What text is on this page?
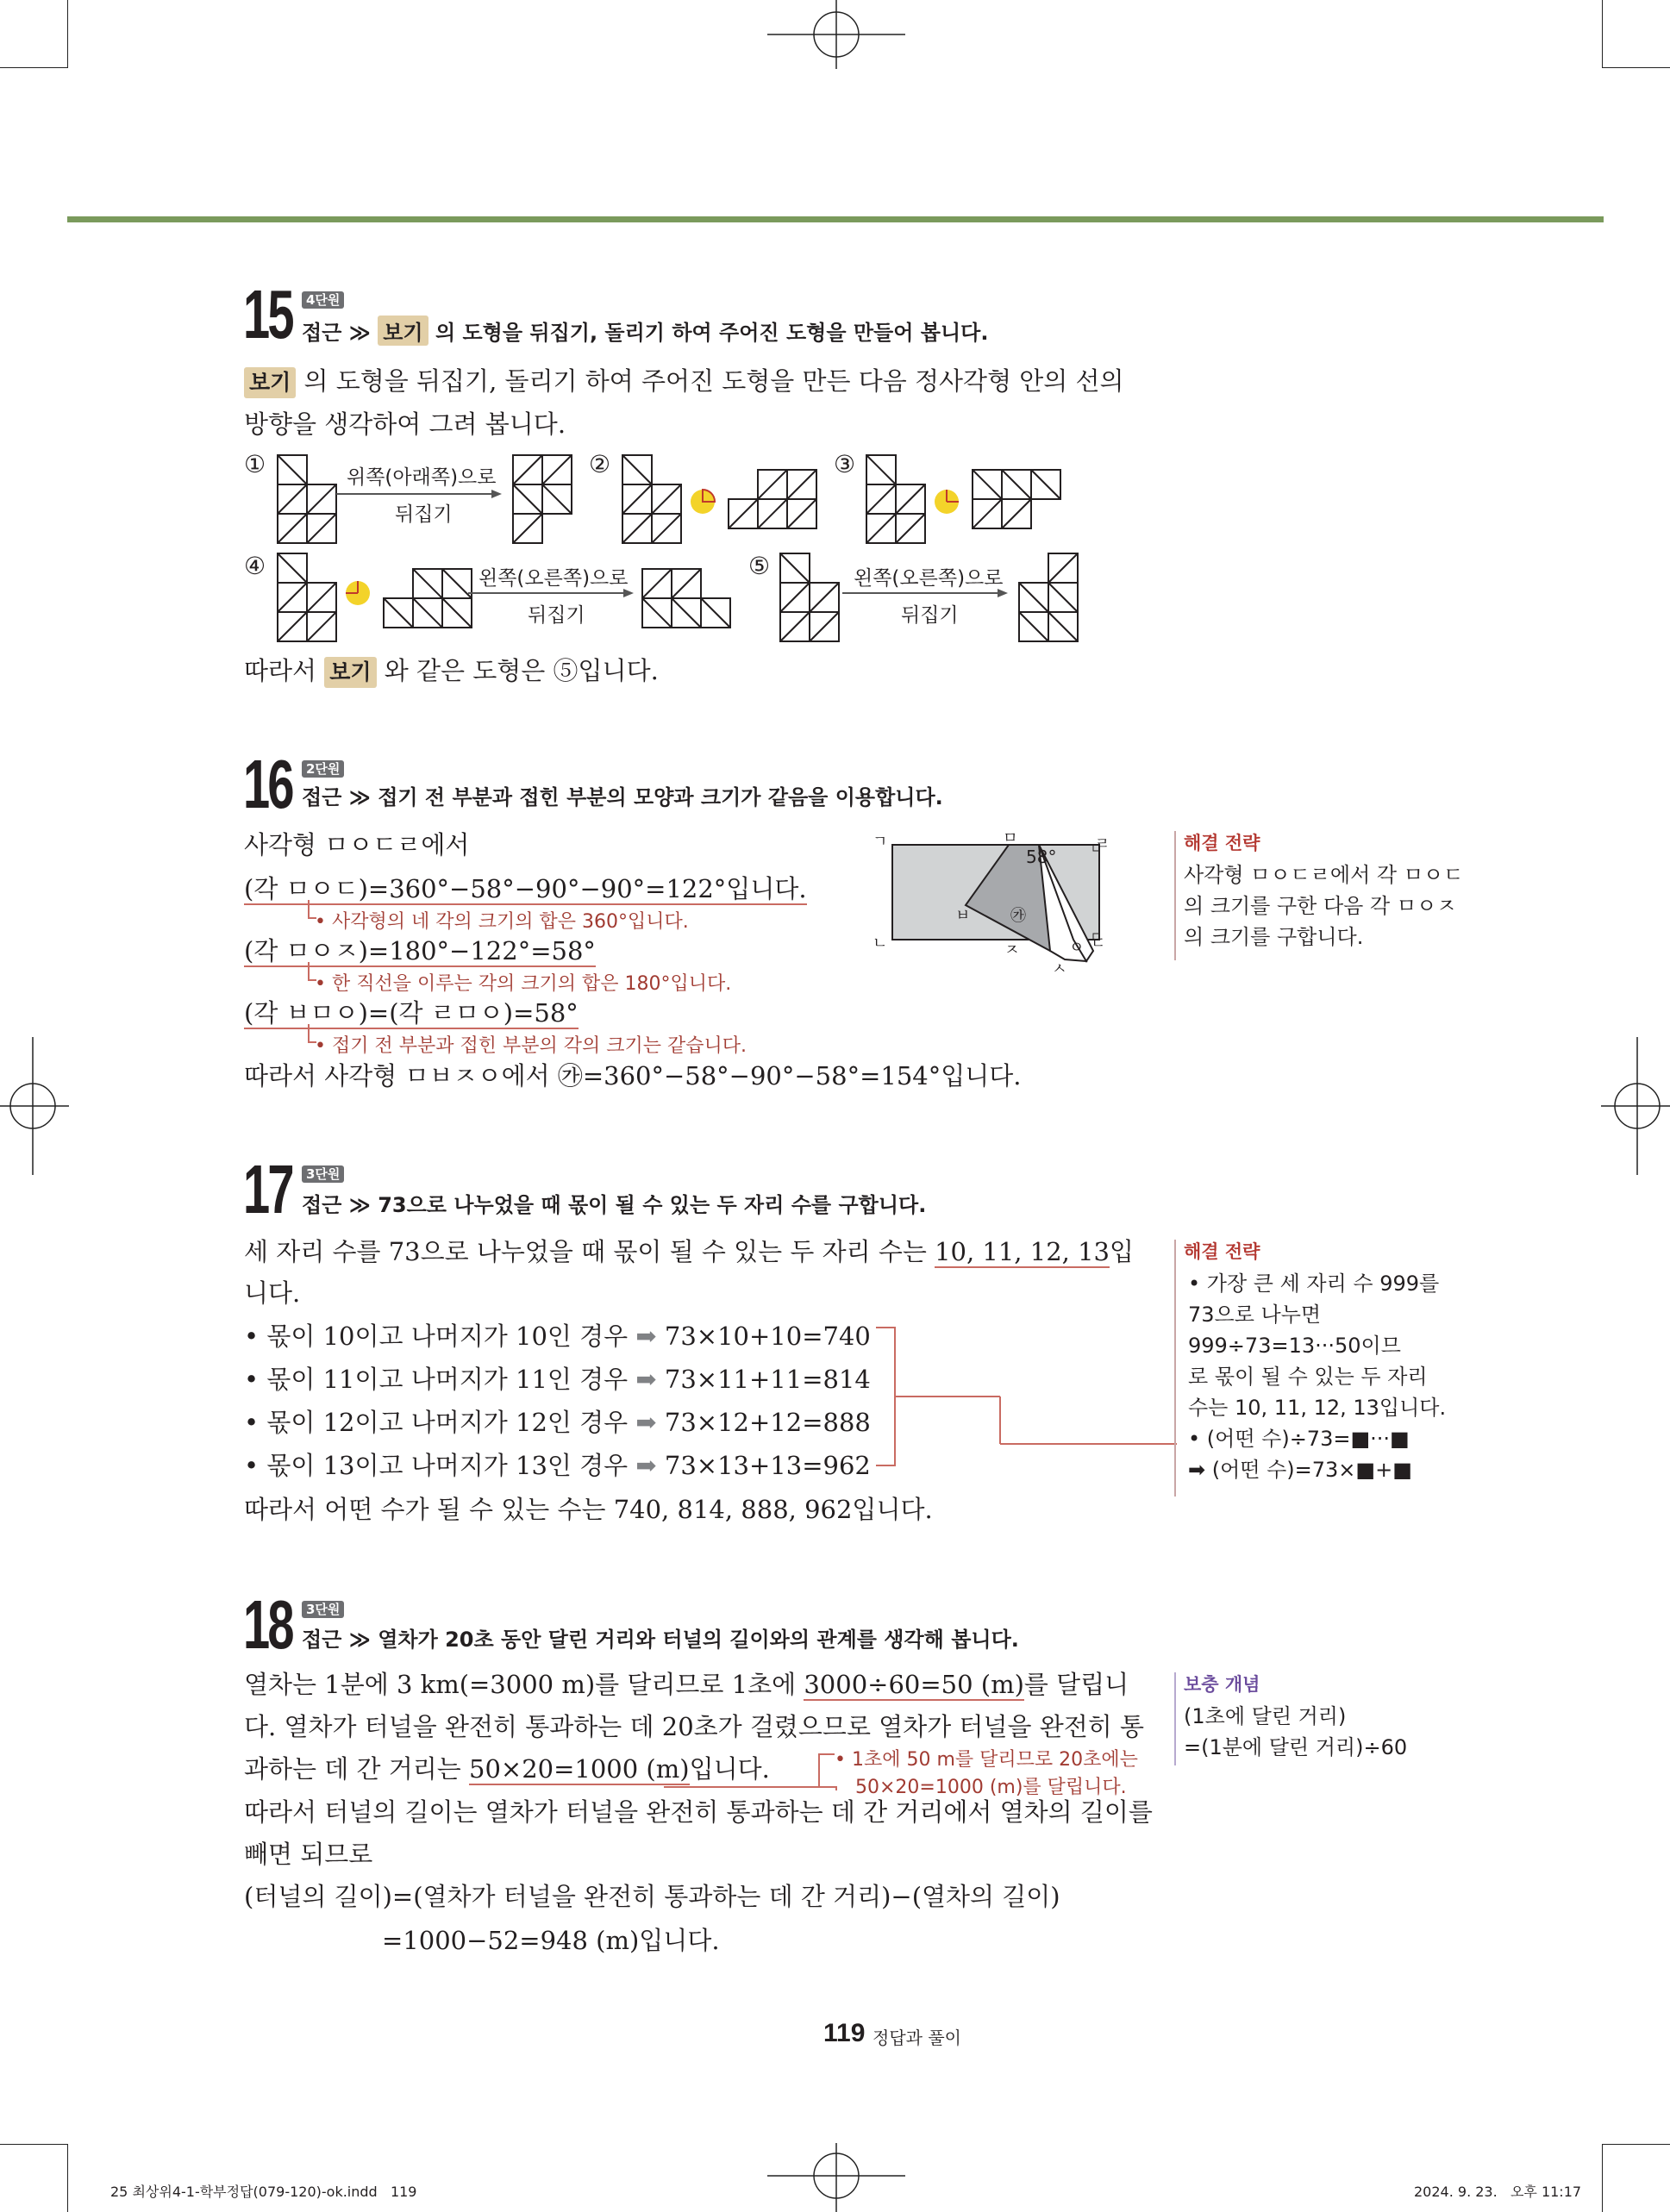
15	4단원
접근 ≫ 보기 의 도형을 뒤집기, 돌리기 하여 주어진 도형을 만들어 봅니다.
보기 의 도형을 뒤집기, 돌리기 하여 주어진 도형을 만든 다음 정사각형 안의 선의
방향을 생각하여 그려 봅니다.
①	②	③
④	⑤
위쪽(아래쪽)으로
뒤집기
왼쪽(오른쪽)으로
뒤집기
왼쪽(오른쪽)으로
뒤집기
따라서 보기 와 같은 도형은 ⑤입니다.
16	2단원
접근 ≫ 접기 전 부분과 접힌 부분의 모양과 크기가 같음을 이용합니다.
사각형 ㅁㅇㄷㄹ에서
(각 ㅁㅇㄷ)=360°−58°−90°−90°=122°입니다.
• 사각형의 네 각의 크기의 합은 360°입니다.
(각 ㅁㅇㅈ)=180°−122°=58°
• 한 직선을 이루는 각의 크기의 합은 180°입니다.
(각 ㅂㅁㅇ)=(각 ㄹㅁㅇ)=58°
• 접기 전 부분과 접힌 부분의 각의 크기는 같습니다.
따라서 사각형 ㅁㅂㅈㅇ에서 ㉮=360°−58°−90°−58°=154°입니다.
ㄱ	ㅁ	ㄹ
58°
ㄴ
ㅂ	㉮
ㅈ	ㅇ ㄷ
ㅅ
해결 전략
사각형 ㅁㅇㄷㄹ에서 각 ㅁㅇㄷ
의 크기를 구한 다음 각 ㅁㅇㅈ
의 크기를 구합니다.
17	3단원
접근 ≫ 73으로 나누었을 때 몫이 될 수 있는 두 자리 수를 구합니다.
세 자리 수를 73으로 나누었을 때 몫이 될 수 있는 두 자리 수는 10, 11, 12, 13입
니다.
• 몫이 10이고 나머지가 10인 경우 ➡ 73×10+10=740
• 몫이 11이고 나머지가 11인 경우 ➡ 73×11+11=814
• 몫이 12이고 나머지가 12인 경우 ➡ 73×12+12=888
• 몫이 13이고 나머지가 13인 경우 ➡ 73×13+13=962
따라서 어떤 수가 될 수 있는 수는 740, 814, 888, 962입니다.
해결 전략
• 가장 큰 세 자리 수 999를
73으로 나누면
999÷73=13···50이므
로 몫이 될 수 있는 두 자리
수는 10, 11, 12, 13입니다.
• (어떤 수)÷73=■···■
➡ (어떤 수)=73×■+■
18	3단원
접근 ≫ 열차가 20초 동안 달린 거리와 터널의 길이와의 관계를 생각해 봅니다.
열차는 1분에 3 km(=3000 m)를 달리므로 1초에 3000÷60=50 (m)를 달립니
다. 열차가 터널을 완전히 통과하는 데 20초가 걸렸으므로 열차가 터널을 완전히 통
과하는 데 간 거리는 50×20=1000 (m)입니다.	• 1초에 50 m를 달리므로 20초에는
50×20=1000 (m)를 달립니다.
따라서 터널의 길이는 열차가 터널을 완전히 통과하는 데 간 거리에서 열차의 길이를
빼면 되므로
(터널의 길이)=(열차가 터널을 완전히 통과하는 데 간 거리)−(열차의 길이)
=1000−52=948 (m)입니다.
보충 개념
(1초에 달린 거리)
=(1분에 달린 거리)÷60
119 정답과 풀이
25 최상위4-1-학부정답(079-120)-ok.indd   119	2024. 9. 23.   오후 11:17
